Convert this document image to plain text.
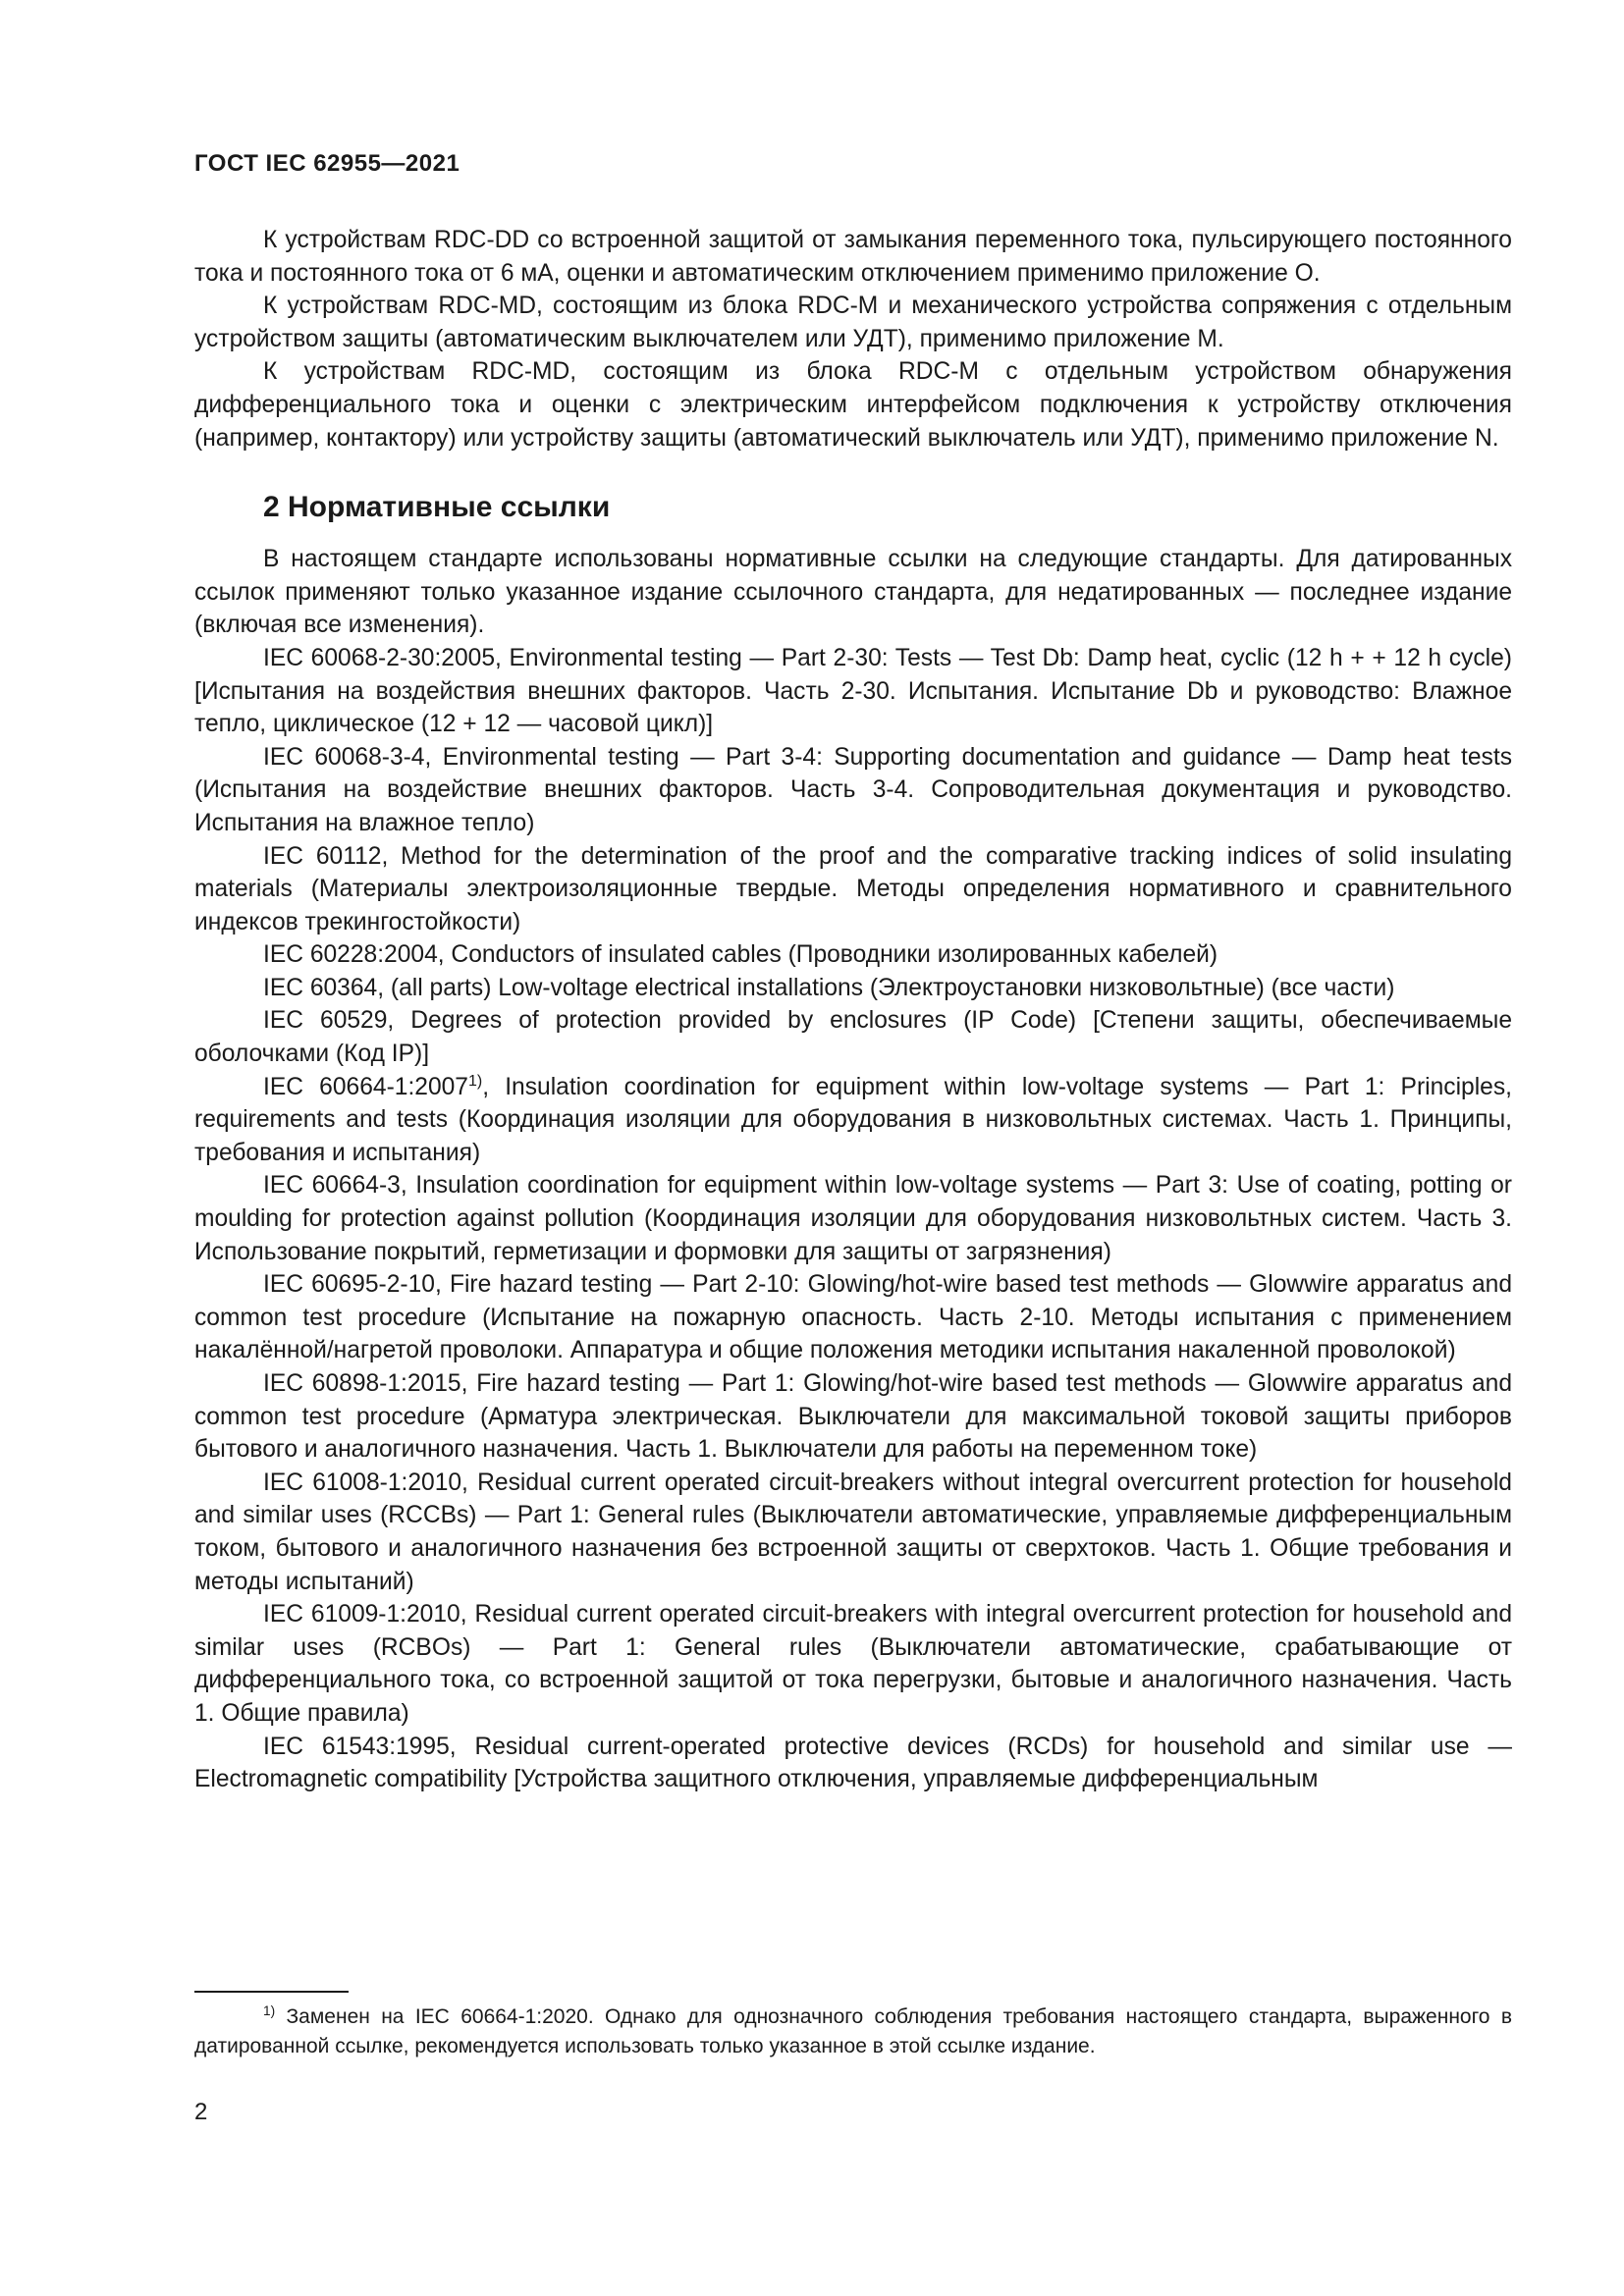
ГОСТ IEC 62955—2021

К устройствам RDC-DD со встроенной защитой от замыкания переменного тока, пульсирующего постоянного тока и постоянного тока от 6 мА, оценки и автоматическим отключением применимо приложение О.

К устройствам RDC-MD, состоящим из блока RDC-M и механического устройства сопряжения с отдельным устройством защиты (автоматическим выключателем или УДТ), применимо приложение М.

К устройствам RDC-MD, состоящим из блока RDC-M с отдельным устройством обнаружения дифференциального тока и оценки с электрическим интерфейсом подключения к устройству отключения (например, контактору) или устройству защиты (автоматический выключатель или УДТ), применимо приложение N.

2 Нормативные ссылки

В настоящем стандарте использованы нормативные ссылки на следующие стандарты. Для датированных ссылок применяют только указанное издание ссылочного стандарта, для недатированных — последнее издание (включая все изменения).

IEC 60068-2-30:2005, Environmental testing — Part 2-30: Tests — Test Db: Damp heat, cyclic (12 h + + 12 h cycle) [Испытания на воздействия внешних факторов. Часть 2-30. Испытания. Испытание Db и руководство: Влажное тепло, циклическое (12 + 12 — часовой цикл)]

IEC 60068-3-4, Environmental testing — Part 3-4: Supporting documentation and guidance — Damp heat tests (Испытания на воздействие внешних факторов. Часть 3-4. Сопроводительная документация и руководство. Испытания на влажное тепло)

IEC 60112, Method for the determination of the proof and the comparative tracking indices of solid insulating materials (Материалы электроизоляционные твердые. Методы определения нормативного и сравнительного индексов трекингостойкости)

IEC 60228:2004, Conductors of insulated cables (Проводники изолированных кабелей)

IEC 60364, (all parts) Low-voltage electrical installations (Электроустановки низковольтные) (все части)

IEC 60529, Degrees of protection provided by enclosures (IP Code) [Степени защиты, обеспечиваемые оболочками (Код IP)]

IEC 60664-1:2007$^{1)}$, Insulation coordination for equipment within low-voltage systems — Part 1: Principles, requirements and tests (Координация изоляции для оборудования в низковольтных системах. Часть 1. Принципы, требования и испытания)

IEC 60664-3, Insulation coordination for equipment within low-voltage systems — Part 3: Use of coating, potting or moulding for protection against pollution (Координация изоляции для оборудования низковольтных систем. Часть 3. Использование покрытий, герметизации и формовки для защиты от загрязнения)

IEC 60695-2-10, Fire hazard testing — Part 2-10: Glowing/hot-wire based test methods — Glowwire apparatus and common test procedure (Испытание на пожарную опасность. Часть 2-10. Методы испытания с применением накалённой/нагретой проволоки. Аппаратура и общие положения методики испытания накаленной проволокой)

IEC 60898-1:2015, Fire hazard testing — Part 1: Glowing/hot-wire based test methods — Glowwire apparatus and common test procedure (Арматура электрическая. Выключатели для максимальной токовой защиты приборов бытового и аналогичного назначения. Часть 1. Выключатели для работы на переменном токе)

IEC 61008-1:2010, Residual current operated circuit-breakers without integral overcurrent protection for household and similar uses (RCCBs) — Part 1: General rules (Выключатели автоматические, управляемые дифференциальным током, бытового и аналогичного назначения без встроенной защиты от сверхтоков. Часть 1. Общие требования и методы испытаний)

IEC 61009-1:2010, Residual current operated circuit-breakers with integral overcurrent protection for household and similar uses (RCBOs) — Part 1: General rules (Выключатели автоматические, срабатывающие от дифференциального тока, со встроенной защитой от тока перегрузки, бытовые и аналогичного назначения. Часть 1. Общие правила)

IEC 61543:1995, Residual current-operated protective devices (RCDs) for household and similar use — Electromagnetic compatibility [Устройства защитного отключения, управляемые дифференциальным

$^{1)}$ Заменен на IEC 60664-1:2020. Однако для однозначного соблюдения требования настоящего стандарта, выраженного в датированной ссылке, рекомендуется использовать только указанное в этой ссылке издание.

2
